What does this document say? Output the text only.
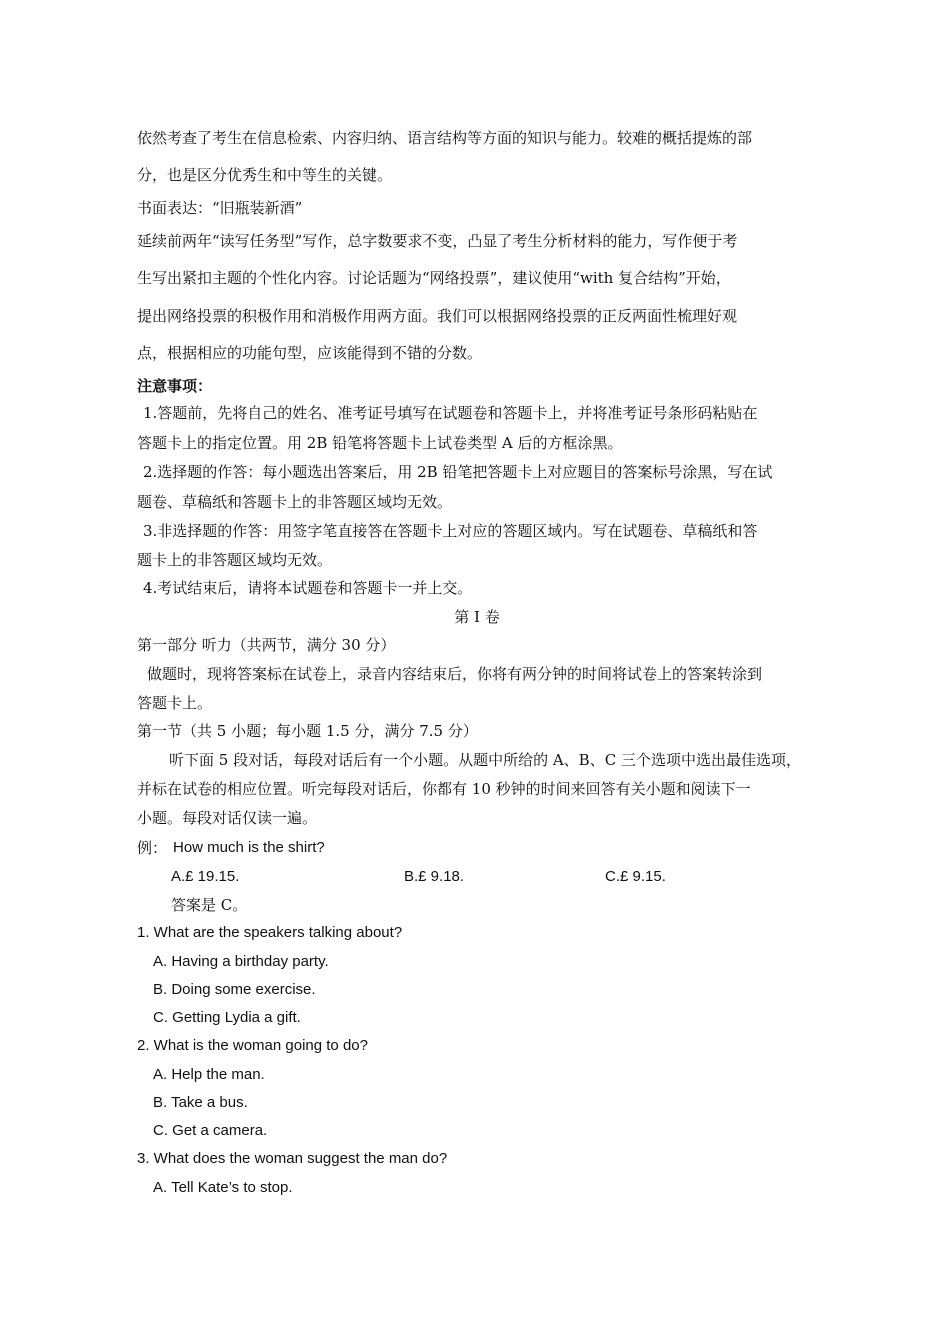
依然考查了考生在信息检索、内容归纳、语言结构等方面的知识与能力。较难的概括提炼的部
分，也是区分优秀生和中等生的关键。
书面表达：“旧瓶装新酒”
延续前两年“读写任务型”写作，总字数要求不变，凸显了考生分析材料的能力，写作便于考
生写出紧扣主题的个性化内容。讨论话题为“网络投票”，建议使用“with 复合结构”开始，
提出网络投票的积极作用和消极作用两方面。我们可以根据网络投票的正反两面性梳理好观
点，根据相应的功能句型，应该能得到不错的分数。
注意事项：
1.答题前，先将自己的姓名、准考证号填写在试题卷和答题卡上，并将准考证号条形码粘贴在
答题卡上的指定位置。用 2B 铅笔将答题卡上试卷类型 A 后的方框涂黑。
2.选择题的作答：每小题选出答案后，用 2B 铅笔把答题卡上对应题目的答案标号涂黑，写在试
题卷、草稿纸和答题卡上的非答题区域均无效。
3.非选择题的作答：用签字笔直接答在答题卡上对应的答题区域内。写在试题卷、草稿纸和答
题卡上的非答题区域均无效。
4.考试结束后，请将本试题卷和答题卡一并上交。
第 I 卷
第一部分 听力（共两节，满分 30 分）
做题时，现将答案标在试卷上，录音内容结束后，你将有两分钟的时间将试卷上的答案转涂到
答题卡上。
第一节（共 5 小题；每小题 1.5 分，满分 7.5 分）
听下面 5 段对话，每段对话后有一个小题。从题中所给的 A、B、C 三个选项中选出最佳选项，
并标在试卷的相应位置。听完每段对话后，你都有 10 秒钟的时间来回答有关小题和阅读下一
小题。每段对话仅读一遍。
例： How much is the shirt?
A.£ 19.15.	B.£ 9.18.	C.£ 9.15.
答案是 C。
1. What are the speakers talking about?
A. Having a birthday party.
B. Doing some exercise.
C. Getting Lydia a gift.
2. What is the woman going to do?
A. Help the man.
B. Take a bus.
C. Get a camera.
3. What does the woman suggest the man do?
A. Tell Kate’s to stop.
